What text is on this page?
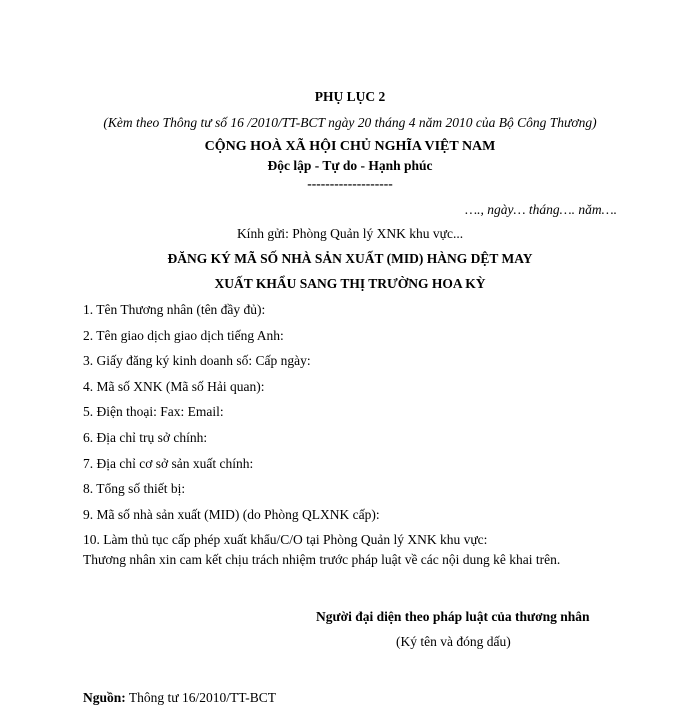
PHỤ LỤC 2
(Kèm theo Thông tư số 16 /2010/TT-BCT ngày 20 tháng 4 năm 2010 của Bộ Công Thương)
CỘNG HOÀ XÃ HỘI CHỦ NGHĨA VIỆT NAM
Độc lập - Tự do - Hạnh phúc
-------------------
…., ngày… tháng…. năm….
Kính gửi: Phòng Quản lý XNK khu vực...
ĐĂNG KÝ MÃ SỐ NHÀ SẢN XUẤT (MID) HÀNG DỆT MAY
XUẤT KHẨU SANG THỊ TRƯỜNG HOA KỲ
1. Tên Thương nhân (tên đầy đủ):
2. Tên giao dịch giao dịch tiếng Anh:
3. Giấy đăng ký kinh doanh số: Cấp ngày:
4. Mã số XNK (Mã số Hải quan):
5. Điện thoại: Fax: Email:
6. Địa chỉ trụ sở chính:
7. Địa chỉ cơ sở sản xuất chính:
8. Tổng số thiết bị:
9. Mã số nhà sản xuất (MID) (do Phòng QLXNK cấp):
10. Làm thủ tục cấp phép xuất khẩu/C/O tại Phòng Quản lý XNK khu vực:
Thương nhân xin cam kết chịu trách nhiệm trước pháp luật về các nội dung kê khai trên.
Người đại diện theo pháp luật của thương nhân
(Ký tên và đóng dấu)
Nguồn: Thông tư 16/2010/TT-BCT
